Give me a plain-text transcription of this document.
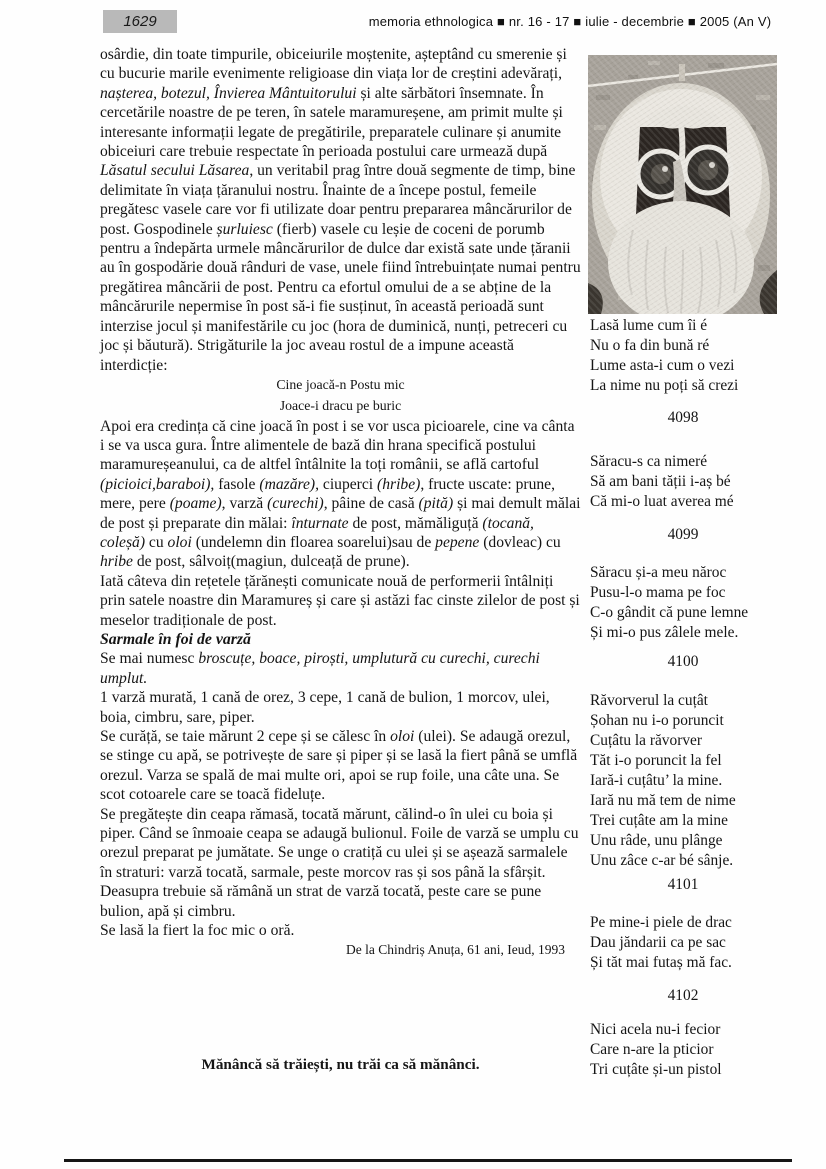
1629	memoria ethnologica ■ nr. 16 - 17 ■ iulie - decembrie ■ 2005 (An V)

osârdie, din toate timpurile, obiceiurile moștenite, așteptând cu smerenie și cu bucurie marile evenimente religioase din viața lor de creștini adevărați, nașterea, botezul, Învierea Mântuitorului și alte sărbători însemnate. În cercetările noastre de pe teren, în satele maramureșene, am primit multe și interesante informații legate de pregătirile, preparatele culinare și anumite obiceiuri care trebuie respectate în perioada postului care urmează după Lăsatul secului Lăsarea, un veritabil prag între două segmente de timp, bine delimitate în viața țăranului nostru. Înainte de a începe postul, femeile pregătesc vasele care vor fi utilizate doar pentru prepararea mâncărurilor de post. Gospodinele șurluiesc (fierb) vasele cu leșie de coceni de porumb pentru a îndepărta urmele mâncărurilor de dulce dar există sate unde țăranii au în gospodărie două rânduri de vase, unele fiind întrebuințate numai pentru pregătirea mâncării de post. Pentru ca efortul omului de a se abține de la mâncărurile nepermise în post să-i fie susținut, în această perioadă sunt interzise jocul și manifestările cu joc (hora de duminică, nunți, petreceri cu joc și băutură). Strigăturile la joc aveau rostul de a impune această interdicție:

Cine joacă-n Postu mic
Joace-i dracu pe buric

Apoi era credința că cine joacă în post i se vor usca picioarele, cine va cânta i se va usca gura. Între alimentele de bază din hrana specifică postului maramureșeanului, ca de altfel întâlnite la toți românii, se află cartoful (picioici,baraboi), fasole (mazăre), ciuperci (hribe), fructe uscate: prune, mere, pere (poame), varză (curechi), pâine de casă (pită) și mai demult mălai de post și preparate din mălai: înturnate de post, mămăliguță (tocană, coleșă) cu oloi (undelemn din floarea soarelui)sau de pepene (dovleac) cu hribe de post, sâlvoiț(magiun, dulceață de prune).

Iată câteva din rețetele țărănești comunicate nouă de performerii întâlniți prin satele noastre din Maramureș și care și astăzi fac cinste zilelor de post și meselor tradiționale de post.

Sarmale în foi de varză

Se mai numesc broscuțe, boace, piroști, umplutură cu curechi, curechi umplut.

1 varză murată, 1 cană de orez, 3 cepe, 1 cană de bulion, 1 morcov, ulei, boia, cimbru, sare, piper.

Se curăță, se taie mărunt 2 cepe și se călesc în oloi (ulei). Se adaugă orezul, se stinge cu apă, se potrivește de sare și piper și se lasă la fiert până se umflă orezul. Varza se spală de mai multe ori, apoi se rup foile, una câte una. Se scot cotoarele care se toacă fideluțe.

Se pregătește din ceapa rămasă, tocată mărunt, călind-o în ulei cu boia și piper. Când se înmoaie ceapa se adaugă bulionul. Foile de varză se umplu cu orezul preparat pe jumătate. Se unge o cratiță cu ulei și se așează sarmalele în straturi: varză tocată, sarmale, peste morcov ras și sos până la sfârșit. Deasupra trebuie să rămână un strat de varză tocată, peste care se pune bulion, apă și cimbru.

Se lasă la fiert la foc mic o oră.

De la Chindriș Anuța, 61 ani, Ieud, 1993

Mănâncă să trăiești, nu trăi ca să mănânci.
Lasă lume cum îi é
Nu o fa din bună ré
Lume asta-i cum o vezi
La nime nu poți să crezi
4098
Săracu-s ca nimeré
Să am bani tății i-aș bé
Că mi-o luat averea mé
4099
Săracu și-a meu năroc
Pusu-l-o mama pe foc
C-o gândit că pune lemne
Și mi-o pus zâlele mele.
4100
Răvorverul la cuțât
Șohan nu i-o poruncit
Cuțâtu la răvorver
Tăt i-o poruncit la fel
Iară-i cuțâtu’ la mine.
Iară nu mă tem de nime
Trei cuțâte am la mine
Unu râde, unu plânge
Unu zâce c-ar bé sânje.
4101
Pe mine-i piele de drac
Dau jăndarii ca pe sac
Și tăt mai futaș mă fac.
4102
Nici acela nu-i fecior
Care n-are la pticior
Tri cuțâte și-un pistol
